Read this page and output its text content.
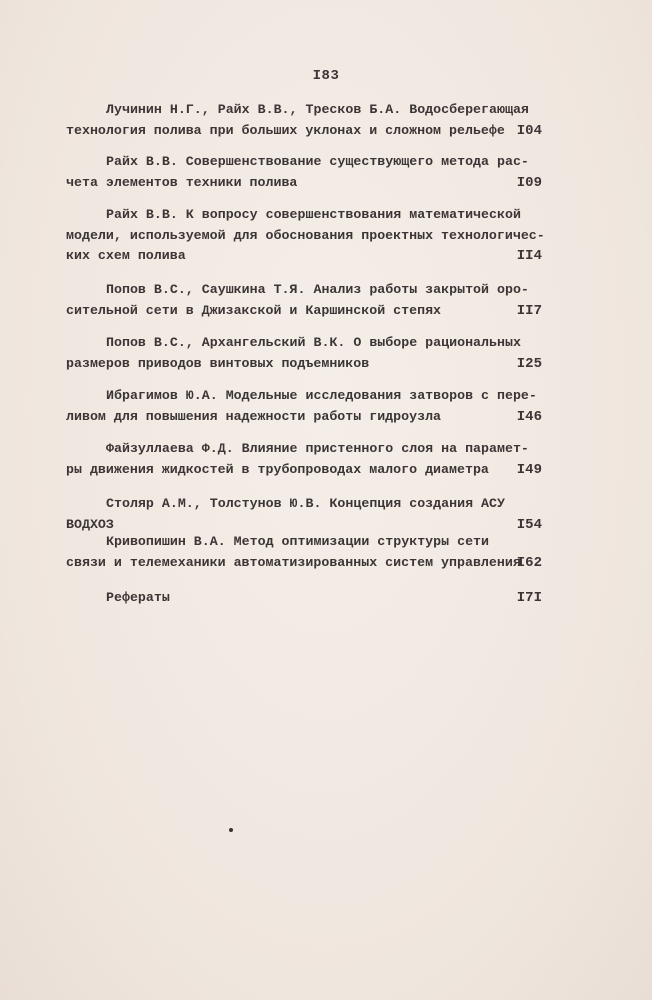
I83
Лучинин Н.Г., Райх В.В., Тресков Б.А. Водосберегающая
технология полива при больших уклонах и сложном рельефе I04
Райх В.В. Совершенствование существующего метода рас-
чета элементов техники полива	I09
Райх В.В. К вопросу совершенствования математической
модели, используемой для обоснования проектных технологичес-
ких схем полива	II4
Попов В.С., Саушкина Т.Я. Анализ работы закрытой оро-
сительной сети в Джизакской и Каршинской степях	II7
Попов В.С., Архангельский В.К. О выборе рациональных
размеров приводов винтовых подъемников	I25
Ибрагимов Ю.А. Модельные исследования затворов с пере-
ливом для повышения надежности работы гидроузла	I46
Файзуллаева Ф.Д. Влияние пристенного слоя на парамет-
ры движения жидкостей в трубопроводах малого диаметра	I49
Столяр А.М., Толстунов Ю.В. Концепция создания АСУ
ВОДХОЗ	I54
Кривопишин В.А. Метод оптимизации структуры сети
связи и телемеханики автоматизированных систем управления
I62
Рефераты	I7I
